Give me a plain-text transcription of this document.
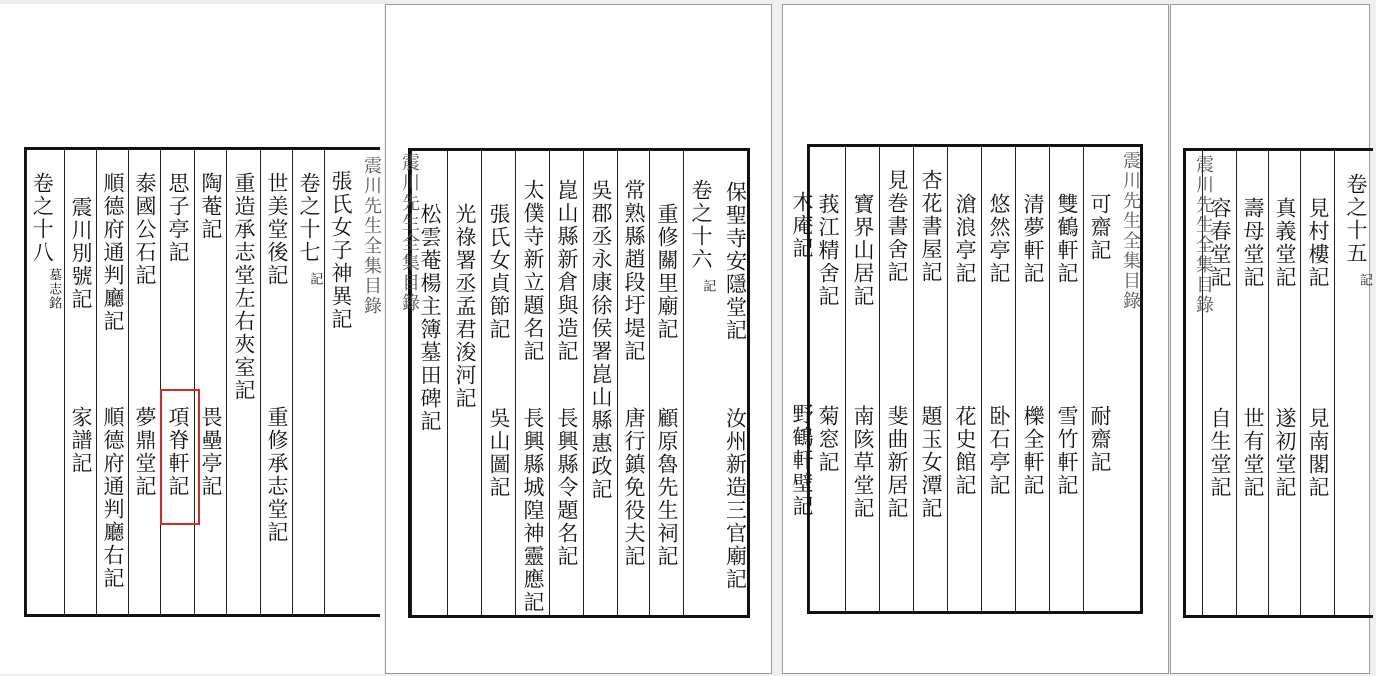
震川先生全集目錄
張氏女子神異記
卷之十七
記
世美堂後記
重修承志堂記
重造承志堂左右夾室記
陶菴記
畏壘亭記
思子亭記
項脊軒記
泰國公石記
夢鼎堂記
順德府通判廳記
順德府通判廳右記
震川別號記
家譜記
卷之十八
墓志銘	保聖寺安隱堂記
汝州新造三官廟記
卷之十六
記
重修關里廟記
顧原魯先生祠記
常熟縣趙段圩堤記
唐行鎮免役夫記
吳郡丞永康徐侯署崑山縣惠政記
崑山縣新倉與造記
長興縣令題名記
太僕寺新立題名記
長興縣城隍神靈應記
張氏女貞節記
吳山圖記
光祿署丞孟君浚河記
松雲菴楊主簿墓田碑記
震川先生全集目錄	震川先生全集目錄
可齋記
耐齋記
雙鶴軒記
雪竹軒記
清夢軒記
櫟全軒記
悠然亭記
卧石亭記
滄浪亭記
花史館記
杏花書屋記
題玉女潭記
見巻書舍記
斐曲新居記
寶界山居記
南陔草堂記
莪江精舍記
菊窓記
木庵記
野鶴軒壁記
震川先生全集目錄	卷之十五
記
見村樓記
見南閣記
真義堂記
遂初堂記
壽母堂記
世有堂記
容春堂記
自生堂記
